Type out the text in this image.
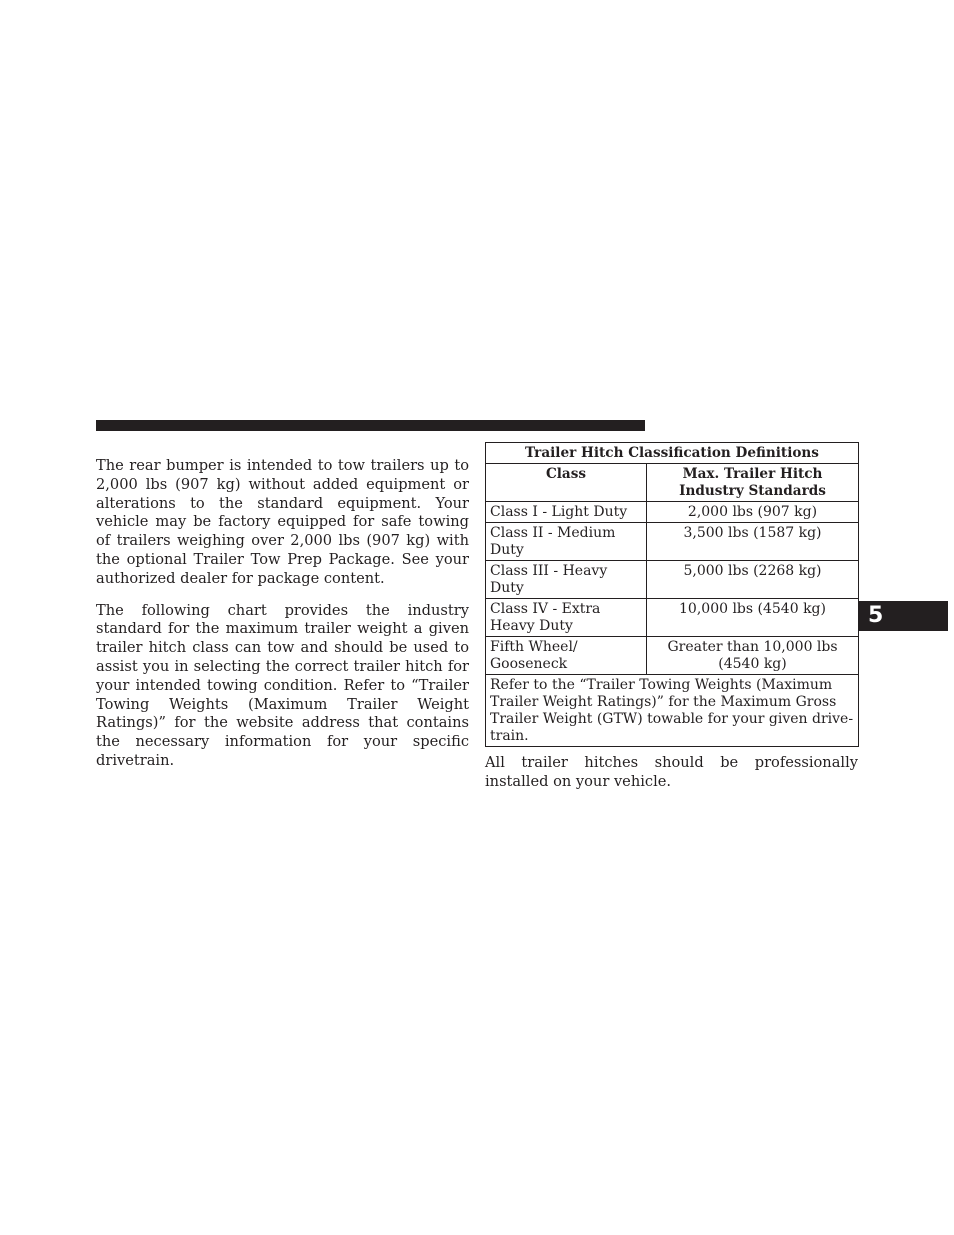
The rear bumper is intended to tow trailers up to 2,000 lbs (907 kg) without added equipment or alterations to the standard equipment. Your vehicle may be factory equipped for safe towing of trailers weighing over 2,000 lbs (907 kg) with the optional Trailer Tow Prep Package. See your authorized dealer for package content.

The following chart provides the industry standard for the maximum trailer weight a given trailer hitch class can tow and should be used to assist you in selecting the correct trailer hitch for your intended towing condition. Refer to “Trailer Towing Weights (Maximum Trailer Weight Ratings)” for the website address that contains the necessary information for your specific drivetrain.

Trailer Hitch Classification Definitions	
Class	Max. Trailer Hitch Industry Standards
Class I - Light Duty	2,000 lbs (907 kg)
Class II - Medium Duty	3,500 lbs (1587 kg)
Class III - Heavy Duty	5,000 lbs (2268 kg)
Class IV - Extra Heavy Duty	10,000 lbs (4540 kg)
Fifth Wheel/ Gooseneck	Greater than 10,000 lbs (4540 kg)
Refer to the “Trailer Towing Weights (Maximum Trailer Weight Ratings)” for the Maximum Gross Trailer Weight (GTW) towable for your given drive-train.	
All trailer hitches should be professionally installed on your vehicle.
5
